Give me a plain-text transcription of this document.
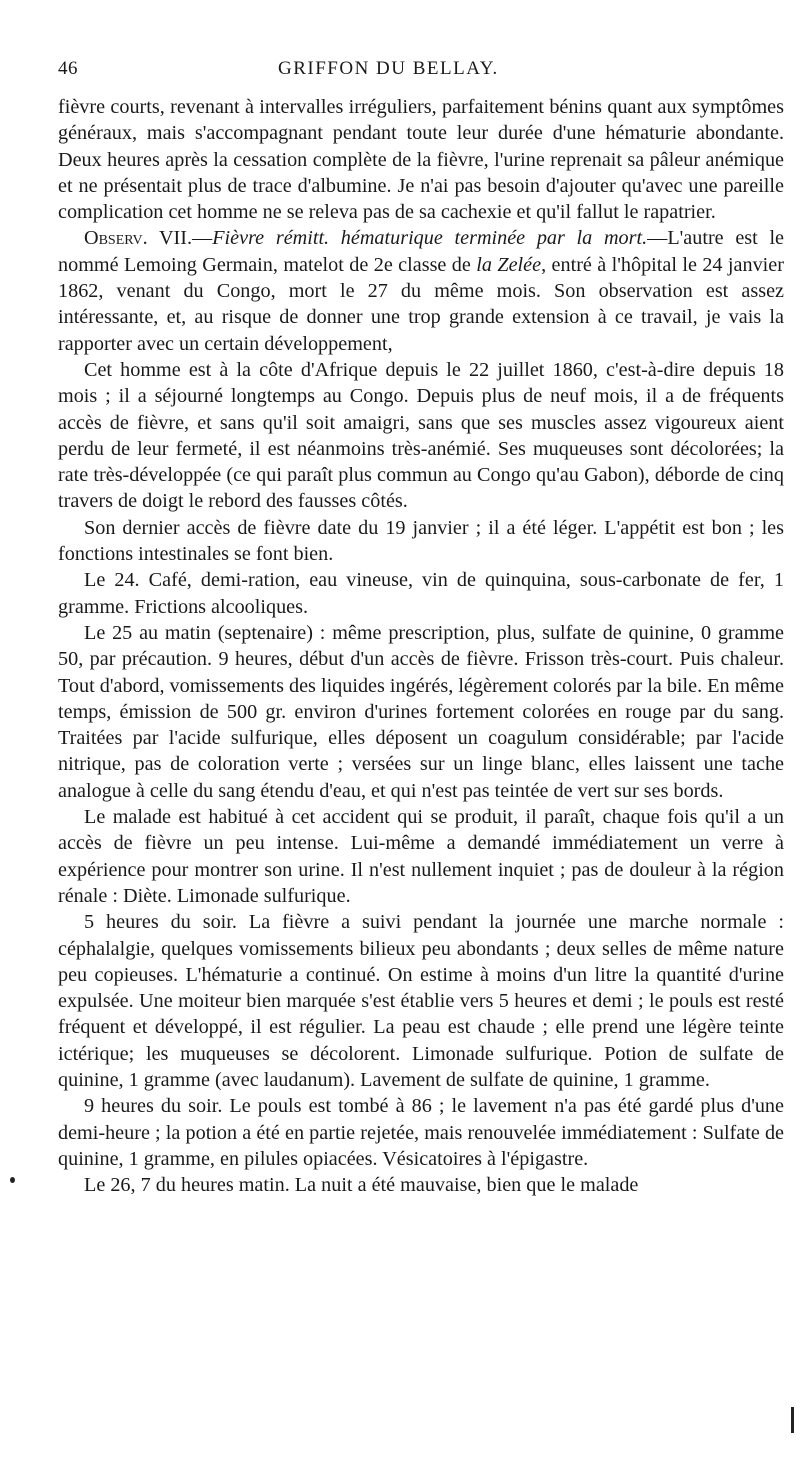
46	GRIFFON DU BELLAY.

fièvre courts, revenant à intervalles irréguliers, parfaitement bénins quant aux symptômes généraux, mais s'accompagnant pendant toute leur durée d'une hématurie abondante. Deux heures après la cessation complète de la fièvre, l'urine reprenait sa pâleur anémique et ne présentait plus de trace d'albumine. Je n'ai pas besoin d'ajouter qu'avec une pareille complication cet homme ne se releva pas de sa cachexie et qu'il fallut le rapatrier.

Observ. VII.—Fièvre rémitt. hématurique terminée par la mort.—L'autre est le nommé Lemoing Germain, matelot de 2e classe de la Zelée, entré à l'hôpital le 24 janvier 1862, venant du Congo, mort le 27 du même mois. Son observation est assez intéressante, et, au risque de donner une trop grande extension à ce travail, je vais la rapporter avec un certain développement,

Cet homme est à la côte d'Afrique depuis le 22 juillet 1860, c'est-à-dire depuis 18 mois ; il a séjourné longtemps au Congo. Depuis plus de neuf mois, il a de fréquents accès de fièvre, et sans qu'il soit amaigri, sans que ses muscles assez vigoureux aient perdu de leur fermeté, il est néanmoins très-anémié. Ses muqueuses sont décolorées; la rate très-développée (ce qui paraît plus commun au Congo qu'au Gabon), déborde de cinq travers de doigt le rebord des fausses côtés.

Son dernier accès de fièvre date du 19 janvier ; il a été léger. L'appétit est bon ; les fonctions intestinales se font bien.

Le 24. Café, demi-ration, eau vineuse, vin de quinquina, sous-carbonate de fer, 1 gramme. Frictions alcooliques.

Le 25 au matin (septenaire) : même prescription, plus, sulfate de quinine, 0 gramme 50, par précaution. 9 heures, début d'un accès de fièvre. Frisson très-court. Puis chaleur. Tout d'abord, vomissements des liquides ingérés, légèrement colorés par la bile. En même temps, émission de 500 gr. environ d'urines fortement colorées en rouge par du sang. Traitées par l'acide sulfurique, elles déposent un coagulum considérable; par l'acide nitrique, pas de coloration verte ; versées sur un linge blanc, elles laissent une tache analogue à celle du sang étendu d'eau, et qui n'est pas teintée de vert sur ses bords.

Le malade est habitué à cet accident qui se produit, il paraît, chaque fois qu'il a un accès de fièvre un peu intense. Lui-même a demandé immédiatement un verre à expérience pour montrer son urine. Il n'est nullement inquiet ; pas de douleur à la région rénale : Diète. Limonade sulfurique.

5 heures du soir. La fièvre a suivi pendant la journée une marche normale : céphalalgie, quelques vomissements bilieux peu abondants ; deux selles de même nature peu copieuses. L'hématurie a continué. On estime à moins d'un litre la quantité d'urine expulsée. Une moiteur bien marquée s'est établie vers 5 heures et demi ; le pouls est resté fréquent et développé, il est régulier. La peau est chaude ; elle prend une légère teinte ictérique; les muqueuses se décolorent. Limonade sulfurique. Potion de sulfate de quinine, 1 gramme (avec laudanum). Lavement de sulfate de quinine, 1 gramme.

9 heures du soir. Le pouls est tombé à 86 ; le lavement n'a pas été gardé plus d'une demi-heure ; la potion a été en partie rejetée, mais renouvelée immédiatement : Sulfate de quinine, 1 gramme, en pilules opiacées. Vésicatoires à l'épigastre.

Le 26, 7 du heures matin. La nuit a été mauvaise, bien que le malade
